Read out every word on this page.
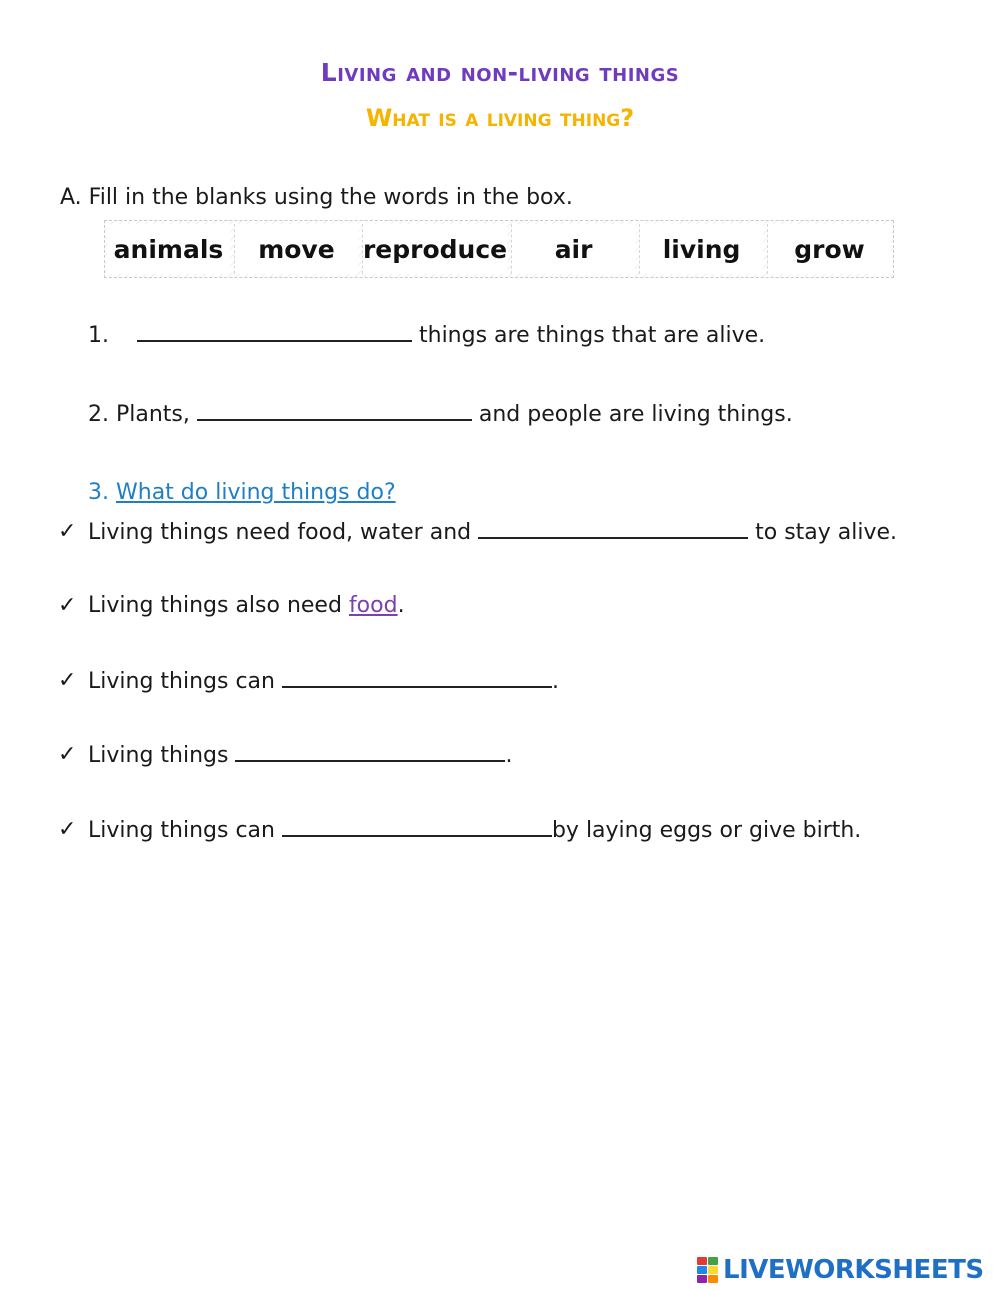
Living and non-living things
What is a living thing?
A. Fill in the blanks using the words in the box.
animals	move	reproduce	air	living	grow
1.	things are things that are alive.
2. Plants,	and people are living things.
3. What do living things do?
✓ Living things need food, water and	to stay alive.
✓ Living things also need food.
✓ Living things can	.
✓ Living things	.
✓ Living things can	by laying eggs or give birth.
LIVEWORKSHEETS
